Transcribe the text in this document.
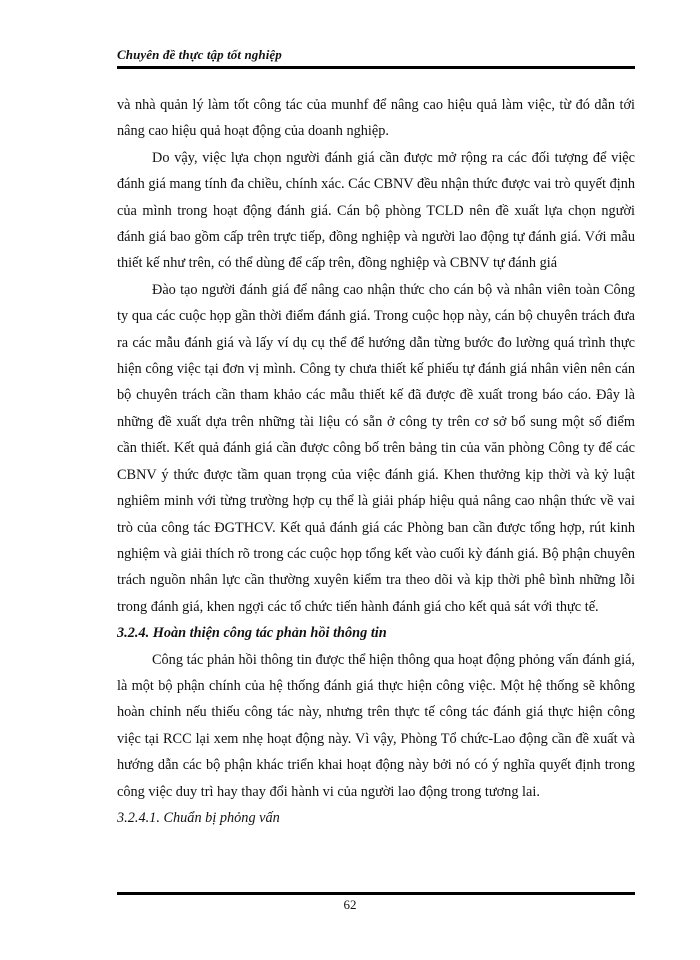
Chuyên đề thực tập tốt nghiệp

và nhà quản lý làm tốt công tác của munhf để nâng cao hiệu quả làm việc, từ đó dẫn tới nâng cao hiệu quả hoạt động của doanh nghiệp.

Do vậy, việc lựa chọn người đánh giá cần được mở rộng ra các đối tượng để việc đánh giá mang tính đa chiều, chính xác. Các CBNV đều nhận thức được vai trò quyết định của mình trong hoạt động đánh giá. Cán bộ phòng TCLD nên đề xuất lựa chọn người đánh giá bao gồm cấp trên trực tiếp, đồng nghiệp và người lao động tự đánh giá. Với mẫu thiết kế như trên, có thể dùng để cấp trên, đồng nghiệp và CBNV tự đánh giá

Đào tạo người đánh giá để nâng cao nhận thức cho cán bộ và nhân viên toàn Công ty qua các cuộc họp gần thời điểm đánh giá. Trong cuộc họp này, cán bộ chuyên trách đưa ra các mẫu đánh giá và lấy ví dụ cụ thể để hướng dẫn từng bước đo lường quá trình thực hiện công việc tại đơn vị mình. Công ty chưa thiết kế phiếu tự đánh giá nhân viên nên cán bộ chuyên trách cần tham khảo các mẫu thiết kế đã được đề xuất trong báo cáo. Đây là những đề xuất dựa trên những tài liệu có sẵn ở công ty trên cơ sở bổ sung một số điểm cần thiết. Kết quả đánh giá cần được công bố trên bảng tin của văn phòng Công ty để các CBNV ý thức được tầm quan trọng của việc đánh giá. Khen thưởng kịp thời và kỷ luật nghiêm minh với từng trường hợp cụ thể là giải pháp hiệu quả nâng cao nhận thức về vai trò của công tác ĐGTHCV. Kết quả đánh giá các Phòng ban cần được tổng hợp, rút kinh nghiệm và giải thích rõ trong các cuộc họp tổng kết vào cuối kỳ đánh giá. Bộ phận chuyên trách nguồn nhân lực cần thường xuyên kiểm tra theo dõi và kịp thời phê bình những lỗi trong đánh giá, khen ngợi các tổ chức tiến hành đánh giá cho kết quả sát với thực tế.

3.2.4. Hoàn thiện công tác phản hồi thông tin

Công tác phản hồi thông tin được thể hiện thông qua hoạt động phỏng vấn đánh giá, là một bộ phận chính của hệ thống đánh giá thực hiện công việc. Một hệ thống sẽ không hoàn chỉnh nếu thiếu công tác này, nhưng trên thực tế công tác đánh giá thực hiện công việc tại RCC lại xem nhẹ hoạt động này. Vì vậy, Phòng Tổ chức-Lao động cần đề xuất và hướng dẫn các bộ phận khác triển khai hoạt động này bởi nó có ý nghĩa quyết định trong công việc duy trì hay thay đổi hành vi của người lao động trong tương lai.

3.2.4.1. Chuẩn bị phỏng vấn

62
